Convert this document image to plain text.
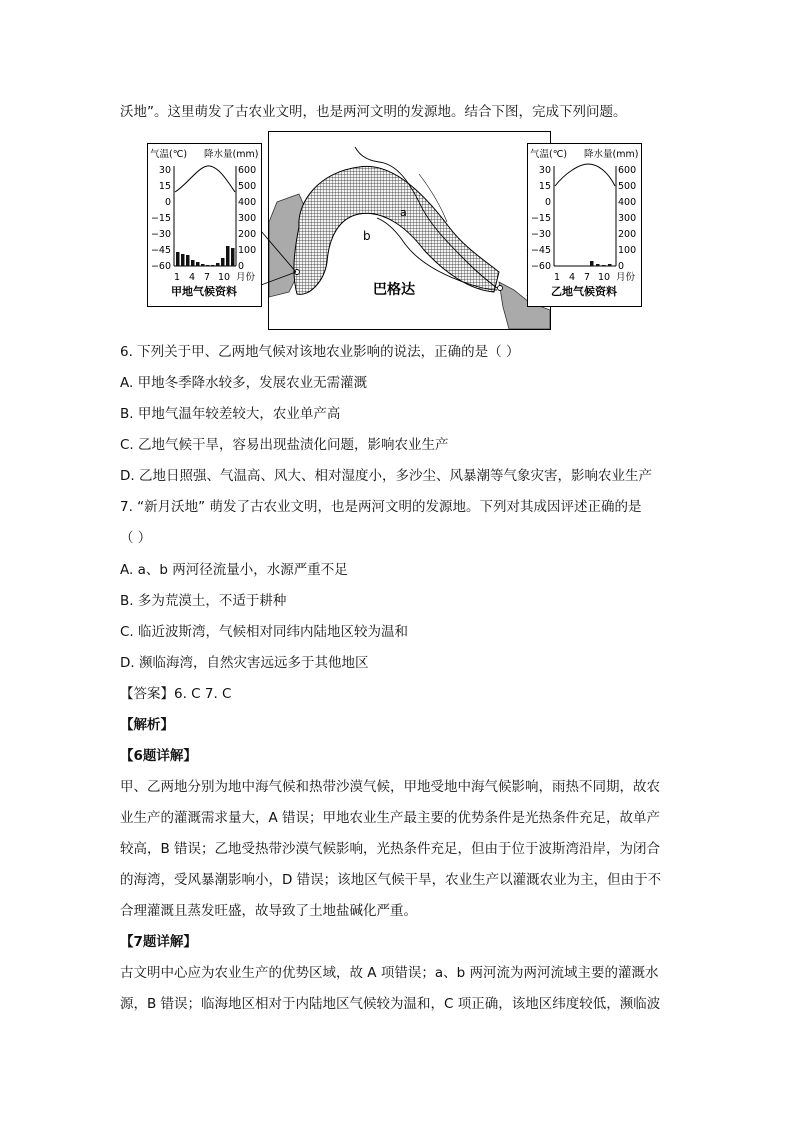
沃地”。这里萌发了古农业文明，也是两河文明的发源地。结合下图，完成下列问题。
气温(℃) 降水量(mm)
30
15
0
−15
−30
−45
−60
600
500
400
300
200
100
0
1 4 7 10 月份
甲地气候资料
a
b
巴格达
气温(℃) 降水量(mm)
30
15
0
−15
−30
−45
−60
600
500
400
300
200
100
0
1 4 7 10 月份
乙地气候资料
6. 下列关于甲、乙两地气候对该地农业影响的说法，正确的是（ ）
A. 甲地冬季降水较多，发展农业无需灌溉
B. 甲地气温年较差较大，农业单产高
C. 乙地气候干旱，容易出现盐渍化问题，影响农业生产
D. 乙地日照强、气温高、风大、相对湿度小，多沙尘、风暴潮等气象灾害，影响农业生产
7. “新月沃地” 萌发了古农业文明，也是两河文明的发源地。下列对其成因评述正确的是
（ ）
A. a、b 两河径流量小，水源严重不足
B. 多为荒漠土，不适于耕种
C. 临近波斯湾，气候相对同纬内陆地区较为温和
D. 濒临海湾，自然灾害远远多于其他地区
【答案】6. C 7. C
【解析】
【6题详解】
甲、乙两地分别为地中海气候和热带沙漠气候，甲地受地中海气候影响，雨热不同期，故农
业生产的灌溉需求量大，A 错误；甲地农业生产最主要的优势条件是光热条件充足，故单产
较高，B 错误；乙地受热带沙漠气候影响，光热条件充足，但由于位于波斯湾沿岸，为闭合
的海湾，受风暴潮影响小，D 错误；该地区气候干旱，农业生产以灌溉农业为主，但由于不
合理灌溉且蒸发旺盛，故导致了土地盐碱化严重。
【7题详解】
古文明中心应为农业生产的优势区域，故 A 项错误；a、b 两河流为两河流域主要的灌溉水
源，B 错误；临海地区相对于内陆地区气候较为温和，C 项正确，该地区纬度较低，濒临波
